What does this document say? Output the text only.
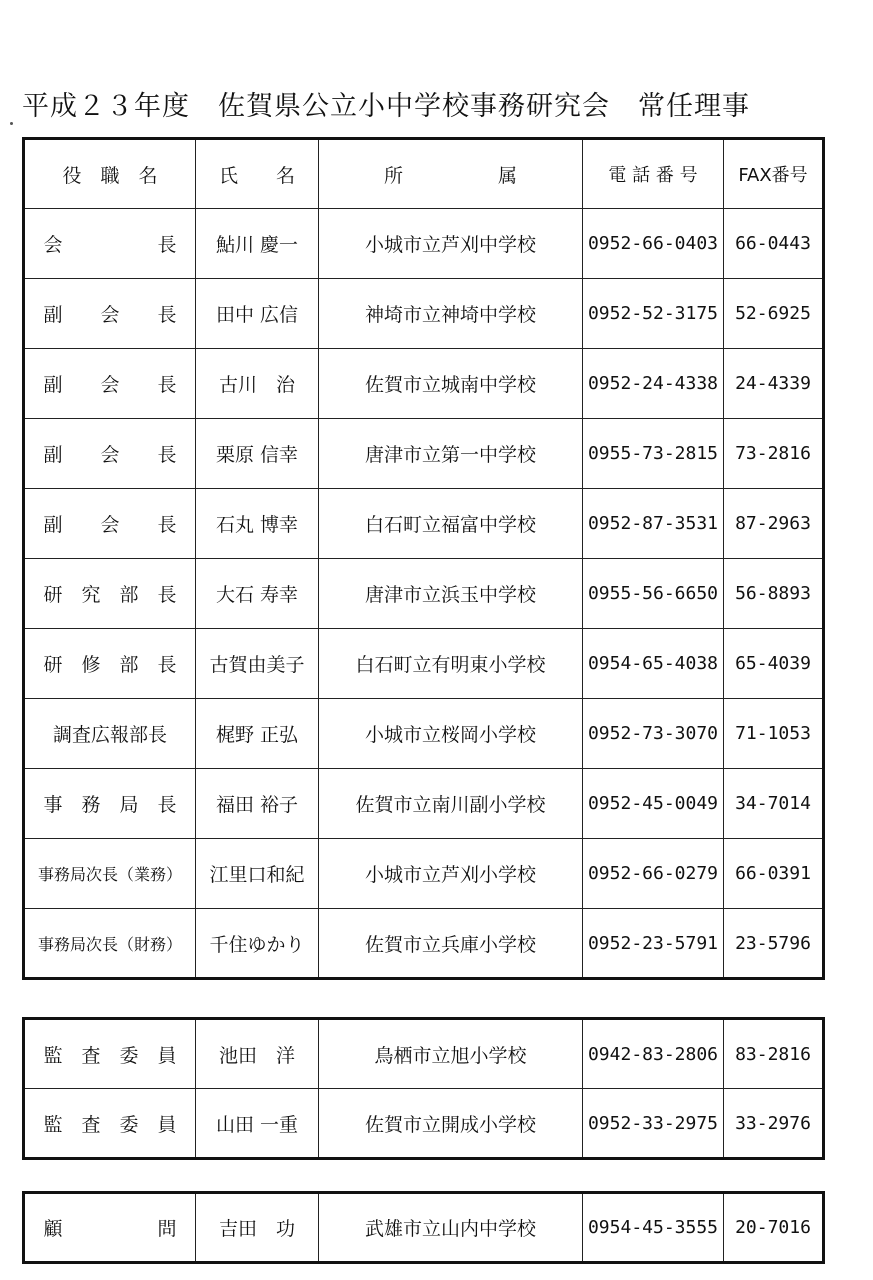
平成２３年度　佐賀県公立小中学校事務研究会　常任理事
役　職　名	氏　　名	所　　　　　属	電 話 番 号	FAX番号
会　　　　　長	鮎川 慶一	小城市立芦刈中学校	0952-66-0403	66-0443
副　　会　　長	田中 広信	神埼市立神埼中学校	0952-52-3175	52-6925
副　　会　　長	古川　治	佐賀市立城南中学校	0952-24-4338	24-4339
副　　会　　長	栗原 信幸	唐津市立第一中学校	0955-73-2815	73-2816
副　　会　　長	石丸 博幸	白石町立福富中学校	0952-87-3531	87-2963
研　究　部　長	大石 寿幸	唐津市立浜玉中学校	0955-56-6650	56-8893
研　修　部　長	古賀由美子	白石町立有明東小学校	0954-65-4038	65-4039
調査広報部長	梶野 正弘	小城市立桜岡小学校	0952-73-3070	71-1053
事　務　局　長	福田 裕子	佐賀市立南川副小学校	0952-45-0049	34-7014
事務局次長（業務）	江里口和紀	小城市立芦刈小学校	0952-66-0279	66-0391
事務局次長（財務）	千住ゆかり	佐賀市立兵庫小学校	0952-23-5791	23-5796
監　査　委　員	池田　洋	鳥栖市立旭小学校	0942-83-2806	83-2816
監　査　委　員	山田 一重	佐賀市立開成小学校	0952-33-2975	33-2976
顧　　　　　問	吉田　功	武雄市立山内中学校	0954-45-3555	20-7016
